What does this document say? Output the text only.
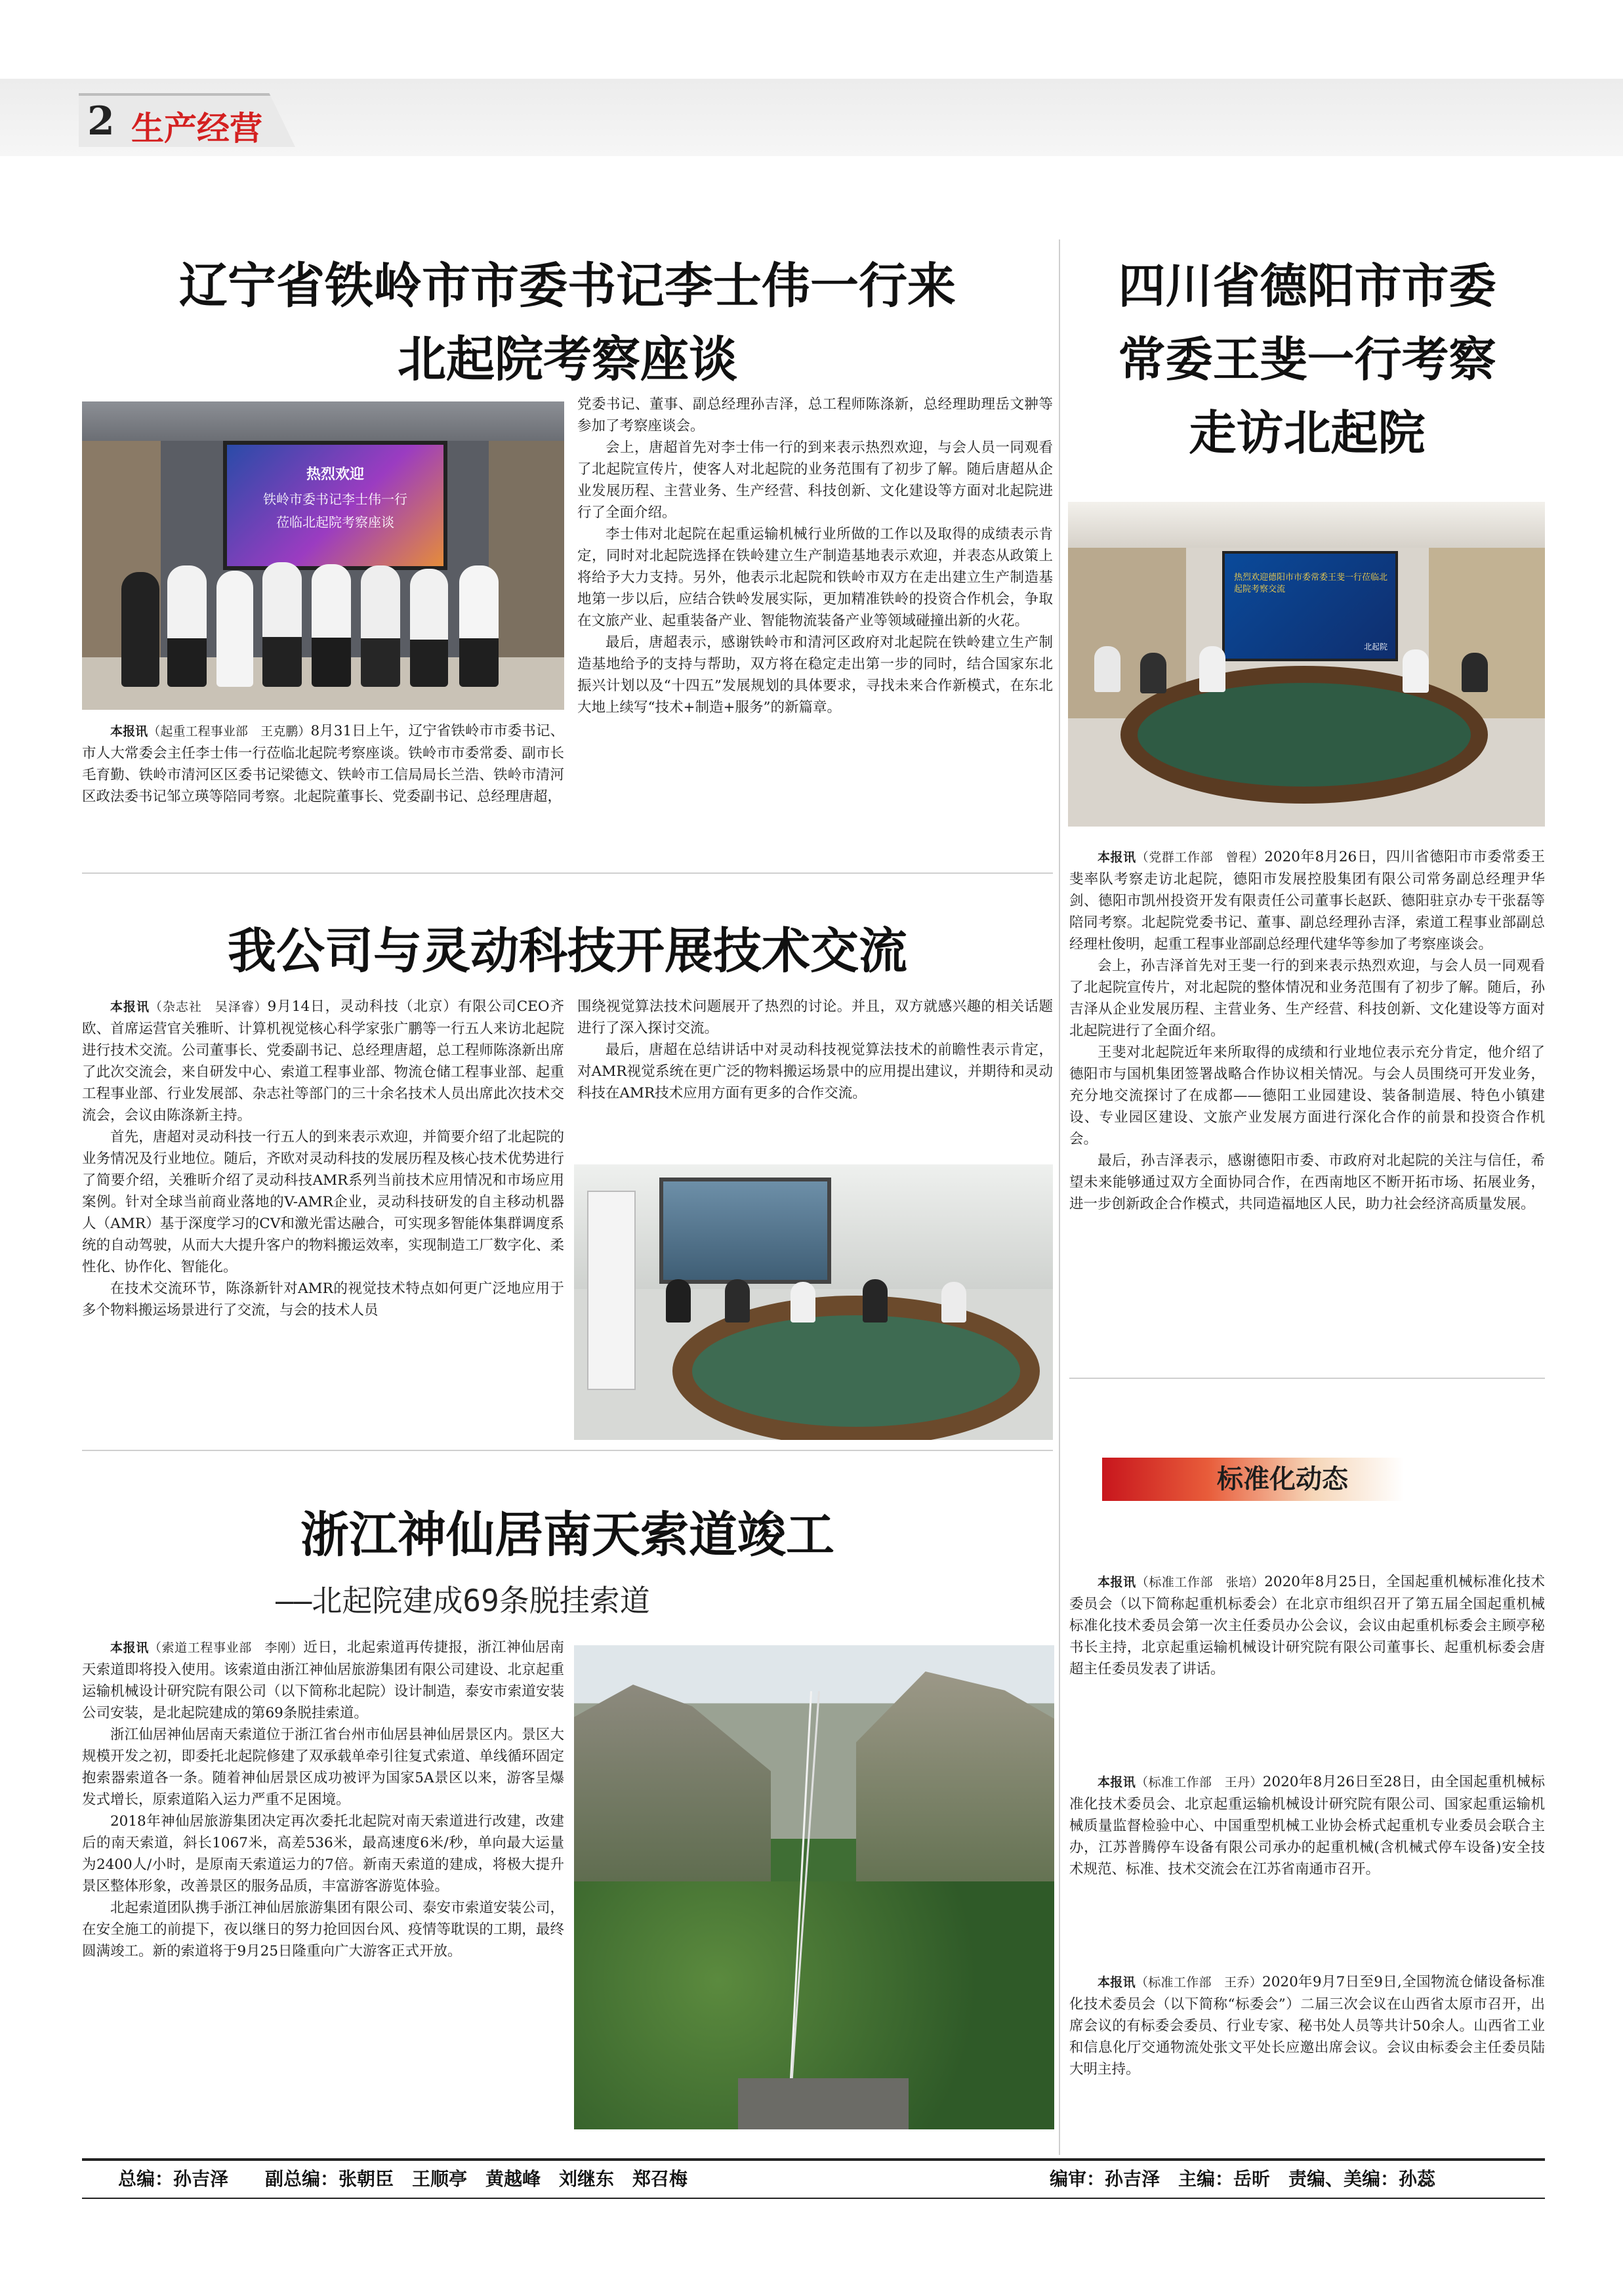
2 生产经营
辽宁省铁岭市市委书记李士伟一行来
北起院考察座谈
热烈欢迎
铁岭市委书记李士伟一行
莅临北起院考察座谈

党委书记、董事、副总经理孙吉泽，总工程师陈涤新，总经理助理岳文翀等参加了考察座谈会。

会上，唐超首先对李士伟一行的到来表示热烈欢迎，与会人员一同观看了北起院宣传片，使客人对北起院的业务范围有了初步了解。随后唐超从企业发展历程、主营业务、生产经营、科技创新、文化建设等方面对北起院进行了全面介绍。

李士伟对北起院在起重运输机械行业所做的工作以及取得的成绩表示肯定，同时对北起院选择在铁岭建立生产制造基地表示欢迎，并表态从政策上将给予大力支持。另外，他表示北起院和铁岭市双方在走出建立生产制造基地第一步以后，应结合铁岭发展实际，更加精准铁岭的投资合作机会，争取在文旅产业、起重装备产业、智能物流装备产业等领域碰撞出新的火花。

最后，唐超表示，感谢铁岭市和清河区政府对北起院在铁岭建立生产制造基地给予的支持与帮助，双方将在稳定走出第一步的同时，结合国家东北振兴计划以及“十四五”发展规划的具体要求，寻找未来合作新模式，在东北大地上续写“技术+制造+服务”的新篇章。

本报讯（起重工程事业部　王克鹏）8月31日上午，辽宁省铁岭市市委书记、市人大常委会主任李士伟一行莅临北起院考察座谈。铁岭市市委常委、副市长毛育勤、铁岭市清河区区委书记梁德文、铁岭市工信局局长兰浩、铁岭市清河区政法委书记邹立瑛等陪同考察。北起院董事长、党委副书记、总经理唐超，

四川省德阳市市委
常委王斐一行考察
走访北起院
热烈欢迎德阳市市委常委王斐一行莅临北起院考察交流
北起院

本报讯（党群工作部　曾程）2020年8月26日，四川省德阳市市委常委王斐率队考察走访北起院，德阳市发展控股集团有限公司常务副总经理尹华剑、德阳市凯州投资开发有限责任公司董事长赵跃、德阳驻京办专干张磊等陪同考察。北起院党委书记、董事、副总经理孙吉泽，索道工程事业部副总经理杜俊明，起重工程事业部副总经理代建华等参加了考察座谈会。

会上，孙吉泽首先对王斐一行的到来表示热烈欢迎，与会人员一同观看了北起院宣传片，对北起院的整体情况和业务范围有了初步了解。随后，孙吉泽从企业发展历程、主营业务、生产经营、科技创新、文化建设等方面对北起院进行了全面介绍。

王斐对北起院近年来所取得的成绩和行业地位表示充分肯定，他介绍了德阳市与国机集团签署战略合作协议相关情况。与会人员围绕可开发业务，充分地交流探讨了在成都——德阳工业园建设、装备制造展、特色小镇建设、专业园区建设、文旅产业发展方面进行深化合作的前景和投资合作机会。

最后，孙吉泽表示，感谢德阳市委、市政府对北起院的关注与信任，希望未来能够通过双方全面协同合作，在西南地区不断开拓市场、拓展业务，进一步创新政企合作模式，共同造福地区人民，助力社会经济高质量发展。

我公司与灵动科技开展技术交流

本报讯（杂志社　吴泽睿）9月14日，灵动科技（北京）有限公司CEO齐欧、首席运营官关雅昕、计算机视觉核心科学家张广鹏等一行五人来访北起院进行技术交流。公司董事长、党委副书记、总经理唐超，总工程师陈涤新出席了此次交流会，来自研发中心、索道工程事业部、物流仓储工程事业部、起重工程事业部、行业发展部、杂志社等部门的三十余名技术人员出席此次技术交流会，会议由陈涤新主持。

首先，唐超对灵动科技一行五人的到来表示欢迎，并简要介绍了北起院的业务情况及行业地位。随后，齐欧对灵动科技的发展历程及核心技术优势进行了简要介绍，关雅昕介绍了灵动科技AMR系列当前技术应用情况和市场应用案例。针对全球当前商业落地的V-AMR企业，灵动科技研发的自主移动机器人（AMR）基于深度学习的CV和激光雷达融合，可实现多智能体集群调度系统的自动驾驶，从而大大提升客户的物料搬运效率，实现制造工厂数字化、柔性化、协作化、智能化。

在技术交流环节，陈涤新针对AMR的视觉技术特点如何更广泛地应用于多个物料搬运场景进行了交流，与会的技术人员

围绕视觉算法技术问题展开了热烈的讨论。并且，双方就感兴趣的相关话题进行了深入探讨交流。

最后，唐超在总结讲话中对灵动科技视觉算法技术的前瞻性表示肯定，对AMR视觉系统在更广泛的物料搬运场景中的应用提出建议，并期待和灵动科技在AMR技术应用方面有更多的合作交流。

浙江神仙居南天索道竣工
——北起院建成69条脱挂索道

本报讯（索道工程事业部　李刚）近日，北起索道再传捷报，浙江神仙居南天索道即将投入使用。该索道由浙江神仙居旅游集团有限公司建设、北京起重运输机械设计研究院有限公司（以下简称北起院）设计制造，泰安市索道安装公司安装，是北起院建成的第69条脱挂索道。

浙江仙居神仙居南天索道位于浙江省台州市仙居县神仙居景区内。景区大规模开发之初，即委托北起院修建了双承载单牵引往复式索道、单线循环固定抱索器索道各一条。随着神仙居景区成功被评为国家5A景区以来，游客呈爆发式增长，原索道陷入运力严重不足困境。

2018年神仙居旅游集团决定再次委托北起院对南天索道进行改建，改建后的南天索道，斜长1067米，高差536米，最高速度6米/秒，单向最大运量为2400人/小时，是原南天索道运力的7倍。新南天索道的建成，将极大提升景区整体形象，改善景区的服务品质，丰富游客游览体验。

北起索道团队携手浙江神仙居旅游集团有限公司、泰安市索道安装公司，在安全施工的前提下，夜以继日的努力抢回因台风、疫情等耽误的工期，最终圆满竣工。新的索道将于9月25日隆重向广大游客正式开放。

标准化动态

本报讯（标准工作部　张培）2020年8月25日，全国起重机械标准化技术委员会（以下简称起重机标委会）在北京市组织召开了第五届全国起重机械标准化技术委员会第一次主任委员办公会议，会议由起重机标委会主顾亭秘书长主持，北京起重运输机械设计研究院有限公司董事长、起重机标委会唐超主任委员发表了讲话。

本报讯（标准工作部　王丹）2020年8月26日至28日，由全国起重机械标准化技术委员会、北京起重运输机械设计研究院有限公司、国家起重运输机械质量监督检验中心、中国重型机械工业协会桥式起重机专业委员会联合主办，江苏普腾停车设备有限公司承办的起重机械(含机械式停车设备)安全技术规范、标准、技术交流会在江苏省南通市召开。

本报讯（标准工作部　王乔）2020年9月7日至9日,全国物流仓储设备标准化技术委员会（以下简称“标委会”）二届三次会议在山西省太原市召开，出席会议的有标委会委员、行业专家、秘书处人员等共计50余人。山西省工业和信息化厅交通物流处张文平处长应邀出席会议。会议由标委会主任委员陆大明主持。

总编：孙吉泽　　副总编：张朝臣　王顺亭　黄越峰　刘继东　郑召梅	编审：孙吉泽　主编：岳昕　责编、美编：孙蕊
